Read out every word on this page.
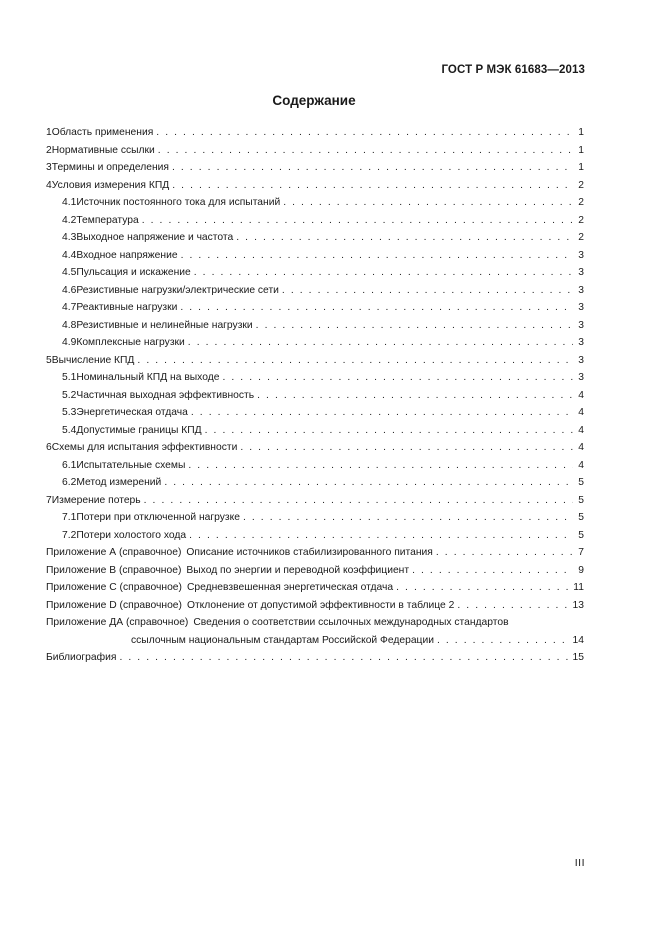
ГОСТ Р МЭК 61683—2013
Содержание
1 Область применения . . .	1
2 Нормативные ссылки . . .	1
3 Термины и определения . . .	1
4 Условия измерения КПД . . .	2
4.1 Источник постоянного тока для испытаний . . .	2
4.2 Температура . . .	2
4.3 Выходное напряжение и частота . . .	2
4.4 Входное напряжение . . .	3
4.5 Пульсация и искажение . . .	3
4.6 Резистивные нагрузки/электрические сети . . .	3
4.7 Реактивные нагрузки . . .	3
4.8 Резистивные и нелинейные нагрузки . . .	3
4.9 Комплексные нагрузки . . .	3
5 Вычисление КПД . . .	3
5.1 Номинальный КПД на выходе . . .	3
5.2 Частичная выходная эффективность . . .	4
5.3 Энергетическая отдача . . .	4
5.4 Допустимые границы КПД . . .	4
6 Схемы для испытания эффективности . . .	4
6.1 Испытательные схемы . . .	4
6.2 Метод измерений . . .	5
7 Измерение потерь . . .	5
7.1 Потери при отключенной нагрузке . . .	5
7.2 Потери холостого хода . . .	5
Приложение А (справочное) Описание источников стабилизированного питания . . .	7
Приложение В (справочное) Выход по энергии и переводной коэффициент . . .	9
Приложение С (справочное) Средневзвешенная энергетическая отдача . . .	11
Приложение D (справочное) Отклонение от допустимой эффективности в таблице 2 . . .	13
Приложение ДА (справочное) Сведения о соответствии ссылочных международных стандартов
ссылочным национальным стандартам Российской Федерации . . .	14
Библиография . . .	15
III
